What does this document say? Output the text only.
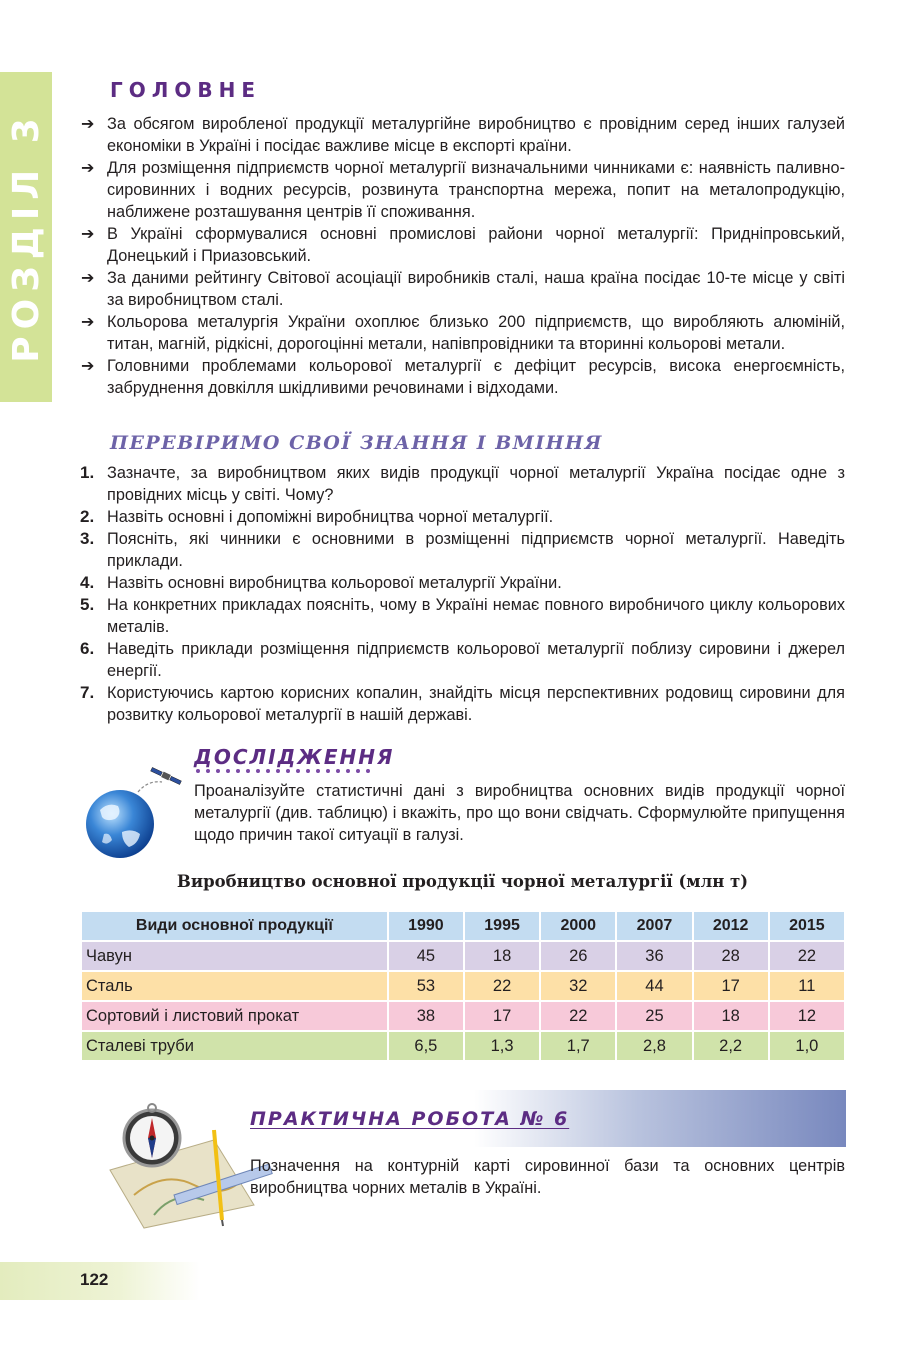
РОЗДІЛ 3
ГОЛОВНЕ
➔ За обсягом виробленої продукції металургійне виробництво є провідним серед інших галузей економіки в Україні і посідає важливе місце в експорті країни.
➔ Для розміщення підприємств чорної металургії визначальними чинниками є: наявність паливно-сировинних і водних ресурсів, розвинута транспортна мережа, попит на металопродукцію, наближене розташування центрів її споживання.
➔ В Україні сформувалися основні промислові райони чорної металургії: Придніпровський, Донецький і Приазовський.
➔ За даними рейтингу Світової асоціації виробників сталі, наша країна посідає 10-те місце у світі за виробництвом сталі.
➔ Кольорова металургія України охоплює близько 200 підприємств, що виробляють алюміній, титан, магній, рідкісні, дорогоцінні метали, напівпровідники та вторинні кольорові метали.
➔ Головними проблемами кольорової металургії є дефіцит ресурсів, висока енергоємність, забруднення довкілля шкідливими речовинами і відходами.
ПЕРЕВІРИМО СВОЇ ЗНАННЯ І ВМІННЯ
1. Зазначте, за виробництвом яких видів продукції чорної металургії Україна посідає одне з провідних місць у світі. Чому?
2. Назвіть основні і допоміжні виробництва чорної металургії.
3. Поясніть, які чинники є основними в розміщенні підприємств чорної металургії. Наведіть приклади.
4. Назвіть основні виробництва кольорової металургії України.
5. На конкретних прикладах поясніть, чому в Україні немає повного виробничого циклу кольорових металів.
6. Наведіть приклади розміщення підприємств кольорової металургії поблизу сировини і джерел енергії.
7. Користуючись картою корисних копалин, знайдіть місця перспективних родовищ сировини для розвитку кольорової металургії в нашій державі.
ДОСЛІДЖЕННЯ

Проаналізуйте статистичні дані з виробництва основних видів продукції чорної металургії (див. таблицю) і вкажіть, про що вони свідчать. Сформулюйте припущення щодо причин такої ситуації в галузі.

Виробництво основної продукції чорної металургії (млн т)
Види основної продукції	1990	1995	2000	2007	2012	2015
Чавун	45	18	26	36	28	22
Сталь	53	22	32	44	17	11
Сортовий і листовий прокат	38	17	22	25	18	12
Сталеві труби	6,5	1,3	1,7	2,8	2,2	1,0
ПРАКТИЧНА РОБОТА № 6

Позначення на контурній карті сировинної бази та основних центрів виробництва чорних металів в Україні.

122
